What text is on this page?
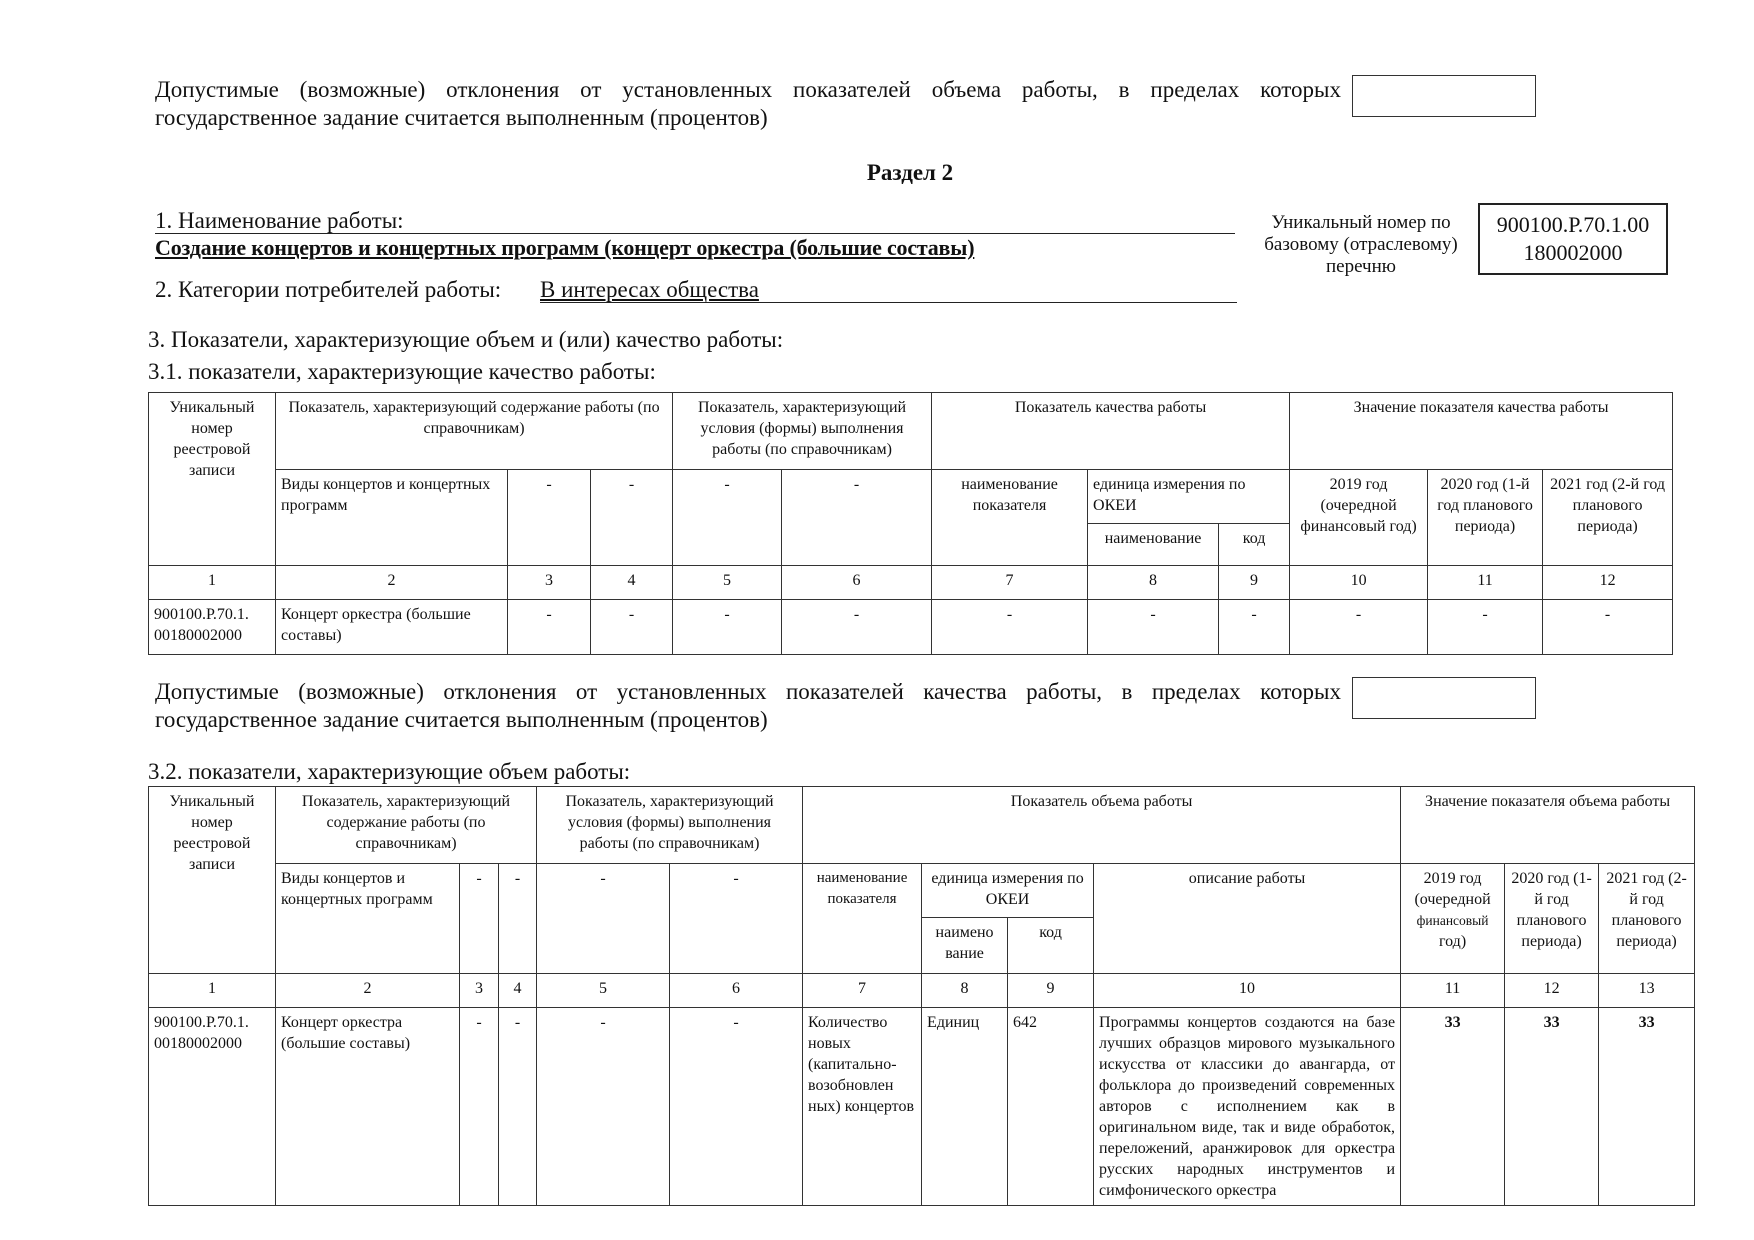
Допустимые (возможные) отклонения от установленных показателей объема работы, в пределах которых государственное задание считается выполненным (процентов)
Раздел 2
1. Наименование работы:
Создание концертов и концертных программ (концерт оркестра (большие составы)
2. Категории потребителей работы: В интересах общества
Уникальный номер по базовому (отраслевому) перечню
900100.Р.70.1.00
180002000
3. Показатели, характеризующие объем и (или) качество работы:
3.1. показатели, характеризующие качество работы:
Уникальный номер реестровой записи	Показатель, характеризующий содержание работы (по справочникам)			Показатель, характеризующий условия (формы) выполнения работы (по справочникам)		Показатель качества работы			Значение показателя качества работы		
	Виды концертов и концертных программ	-	-	-	-	наименование показателя	единица измерения по ОКЕИ		2019 год (очередной финансовый год)	2020 год (1-й год планового периода)	2021 год (2-й год планового периода)
							наименование	код			
1	2	3	4	5	6	7	8	9	10	11	12
900100.Р.70.1. 00180002000	Концерт оркестра (большие составы)	-	-	-	-	-	-	-	-	-	-
Допустимые (возможные) отклонения от установленных показателей качества работы, в пределах которых государственное задание считается выполненным (процентов)
3.2. показатели, характеризующие объем работы:
Уникальный номер реестровой записи	Показатель, характеризующий содержание работы (по справочникам)			Показатель, характеризующий условия (формы) выполнения работы (по справочникам)		Показатель объема работы				Значение показателя объема работы		
	Виды концертов и концертных программ	-	-	-	-	наименование показателя	единица измерения по ОКЕИ		описание работы	2019 год (очередной
финансовый
год)	2020 год (1-й год планового периода)	2021 год (2-й год планового периода)
							наимено вание	код				
1	2	3	4	5	6	7	8	9	10	11	12	13
900100.Р.70.1. 00180002000	Концерт оркестра (большие составы)	-	-	-	-	Количество новых (капитально-возобновлен ных) концертов	Единиц	642	Программы концертов создаются на базе лучших образцов мирового музыкального искусства от классики до авангарда, от фольклора до произведений современных авторов с исполнением как в оригинальном виде, так и виде обработок, переложений, аранжировок для оркестра русских народных инструментов и симфонического оркестра	33	33	33
